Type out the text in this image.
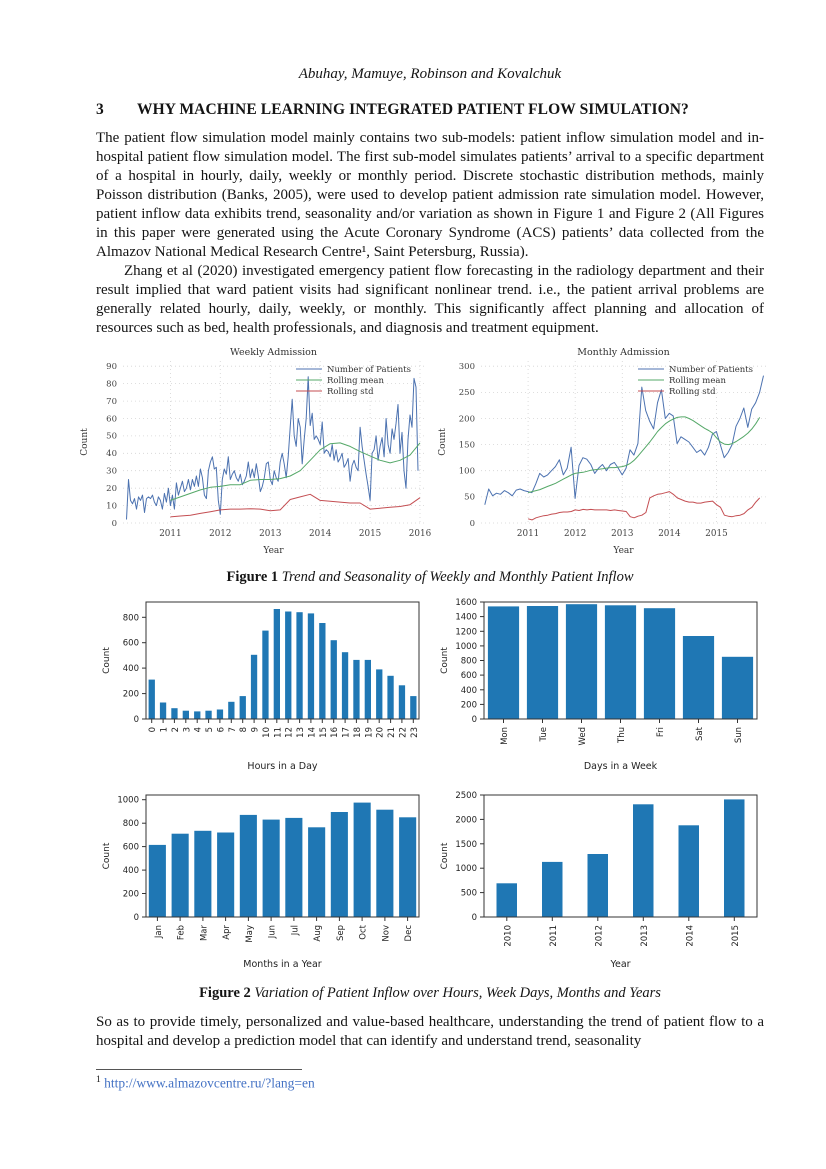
Abuhay, Mamuye, Robinson and Kovalchuk
3	WHY MACHINE LEARNING INTEGRATED PATIENT FLOW SIMULATION?

The patient flow simulation model mainly contains two sub-models: patient inflow simulation model and in-hospital patient flow simulation model. The first sub-model simulates patients’ arrival to a specific department of a hospital in hourly, daily, weekly or monthly period. Discrete stochastic distribution methods, mainly Poisson distribution (Banks, 2005), were used to develop patient admission rate simulation model. However, patient inflow data exhibits trend, seasonality and/or variation as shown in Figure 1 and Figure 2 (All Figures in this paper were generated using the Acute Coronary Syndrome (ACS) patients’ data collected from the Almazov National Medical Research Centre¹, Saint Petersburg, Russia).

Zhang et al (2020) investigated emergency patient flow forecasting in the radiology department and their result implied that ward patient visits had significant nonlinear trend. i.e., the patient arrival problems are generally related hourly, daily, weekly, or monthly. This significantly affect planning and allocation of resources such as bed, health professionals, and diagnosis and treatment equipment.

0
10
20
30
40
50
60
70
80
90
2011	2012	2013	2014	2015	2016
Weekly Admission
Year
Count
Number of Patients
Rolling mean
Rolling std
0
50
100
150
200
250
300
2011	2012	2013	2014	2015
Monthly Admission
Year
Count
Number of Patients
Rolling mean
Rolling std
Figure 1 Trend and Seasonality of Weekly and Monthly Patient Inflow
0
200
400
600
800
0 1 2 3 4 5 6 7 8 9 10 11 12 13 14 15 16 17 18 19 20 21 22 23
Hours in a Day
Count
0
200
400
600
800
1000
1200
1400
1600
Mon	Tue	Wed	Thu	Fri	Sat	Sun
Days in a Week
Count
0
200
400
600
800
1000
Jan Feb Mar Apr May Jun Jul Aug Sep Oct Nov Dec
Months in a Year
Count
0
500
1000
1500
2000
2500
2010	2011	2012	2013	2014	2015
Year
Count
Figure 2 Variation of Patient Inflow over Hours, Week Days, Months and Years

So as to provide timely, personalized and value-based healthcare, understanding the trend of patient flow to a hospital and develop a prediction model that can identify and understand trend, seasonality

$^1$ http://www.almazovcentre.ru/?lang=en
